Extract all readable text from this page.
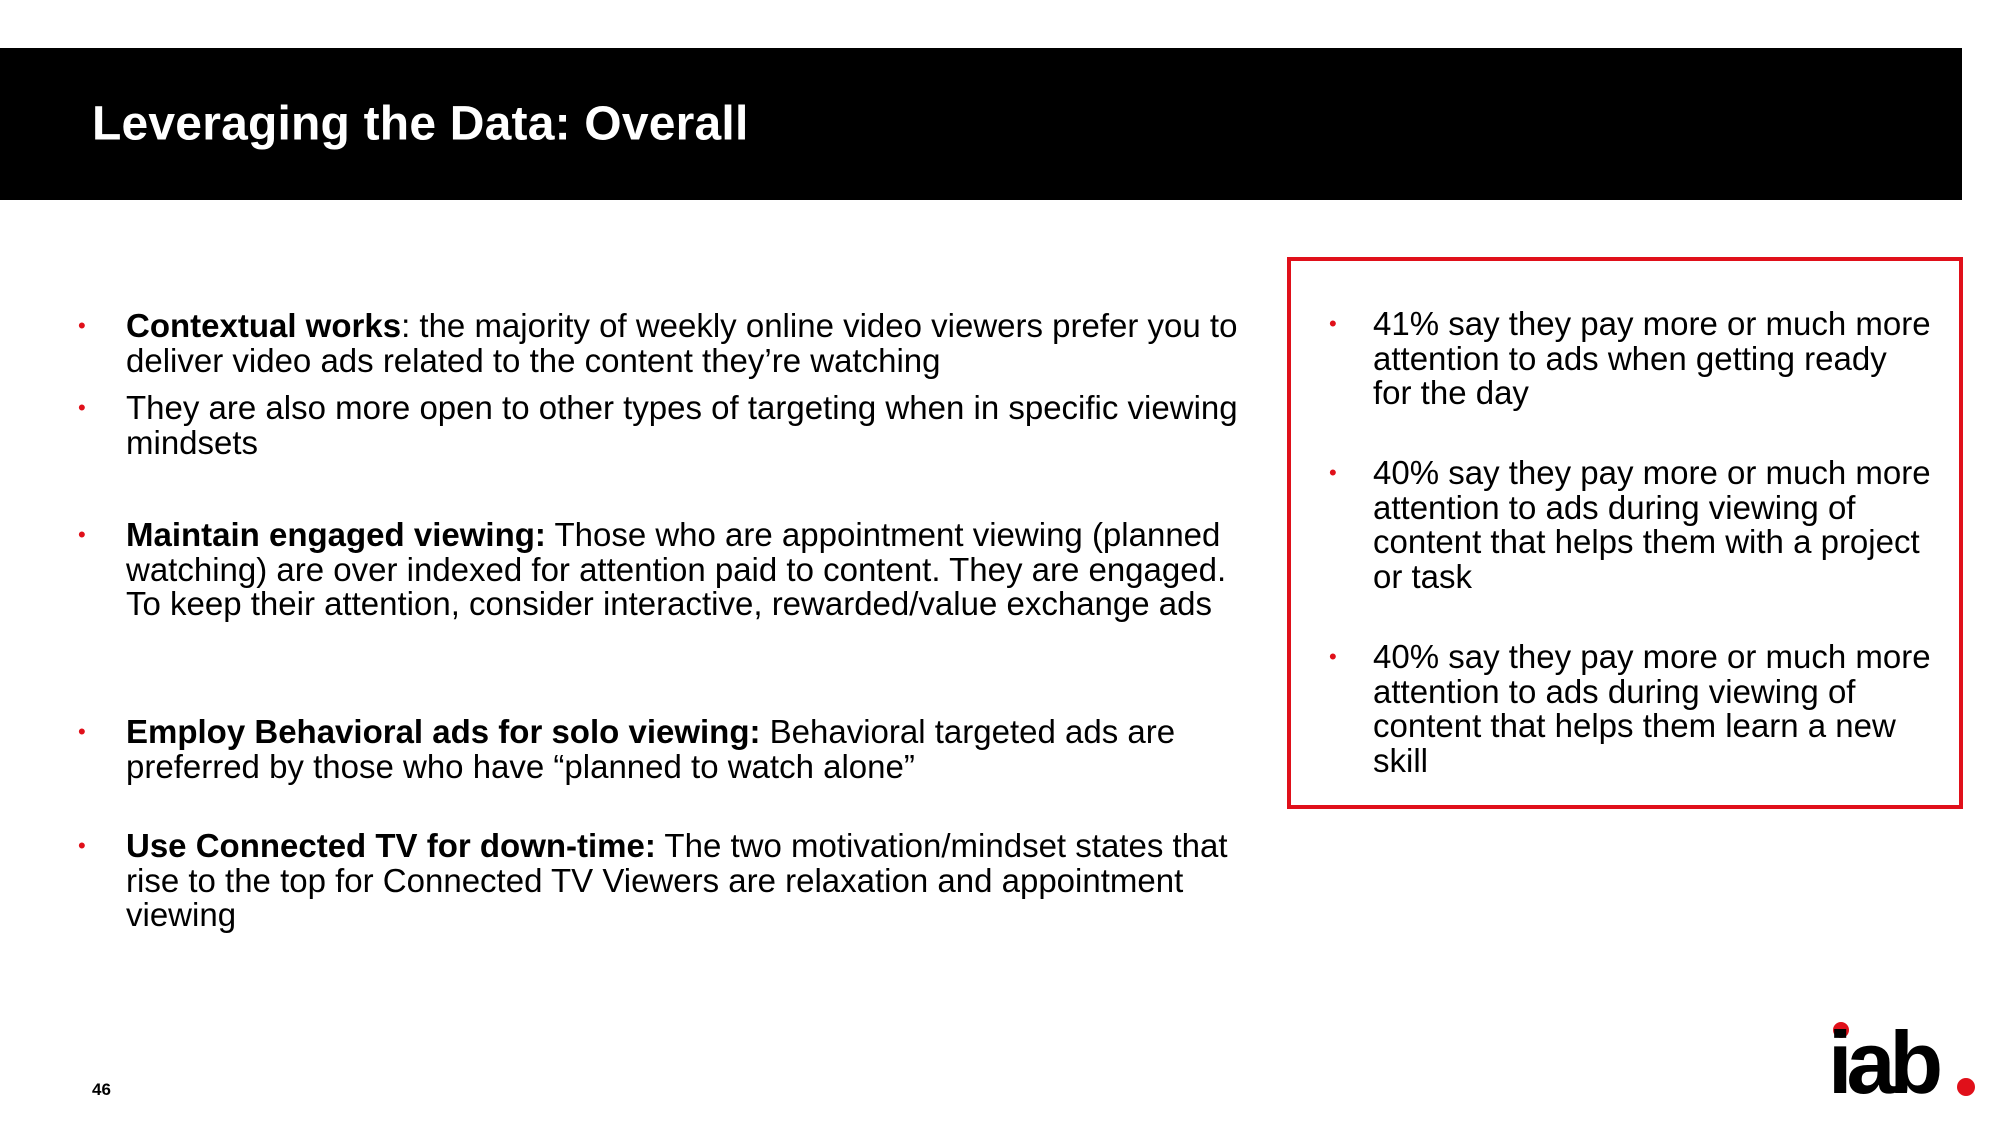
Leveraging the Data: Overall
• Contextual works: the majority of weekly online video viewers prefer you to deliver video ads related to the content they’re watching
• They are also more open to other types of targeting when in specific viewing mindsets
• Maintain engaged viewing: Those who are appointment viewing (planned watching) are over indexed for attention paid to content. They are engaged. To keep their attention, consider interactive, rewarded/value exchange ads
• Employ Behavioral ads for solo viewing: Behavioral targeted ads are preferred by those who have “planned to watch alone”
• Use Connected TV for down-time: The two motivation/mindset states that rise to the top for Connected TV Viewers are relaxation and appointment viewing
• 41% say they pay more or much more attention to ads when getting ready for the day
• 40% say they pay more or much more attention to ads during viewing of content that helps them with a project or task
• 40% say they pay more or much more attention to ads during viewing of content that helps them learn a new skill
46	iab
